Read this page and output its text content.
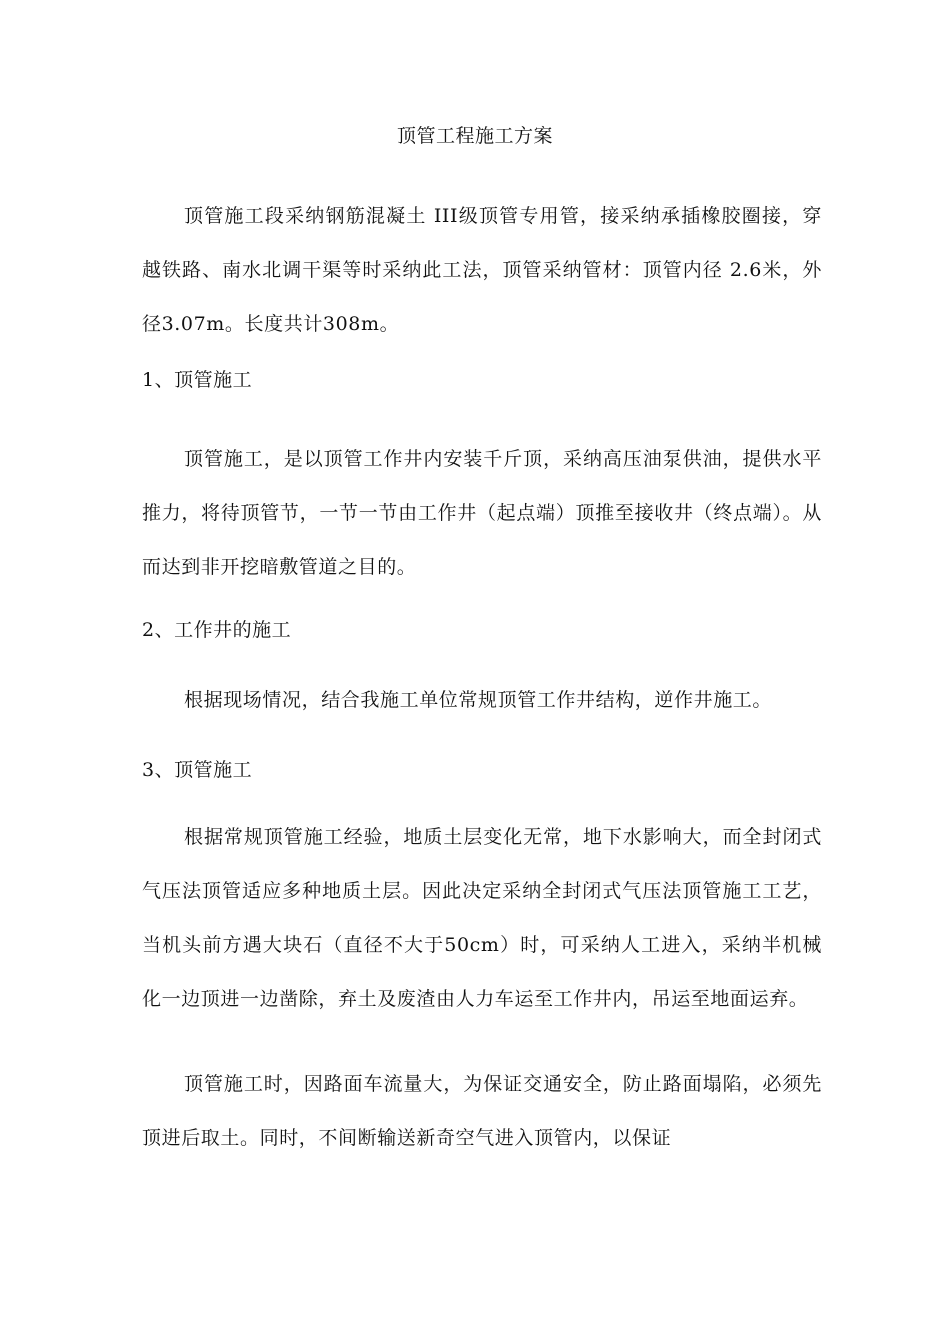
顶管工程施工方案

顶管施工段采纳钢筋混凝土 III级顶管专用管，接采纳承插橡胶圈接，穿越铁路、南水北调干渠等时采纳此工法，顶管采纳管材：顶管内径 2.6米，外径3.07m。长度共计308m。

1、顶管施工

顶管施工，是以顶管工作井内安装千斤顶，采纳高压油泵供油，提供水平推力，将待顶管节，一节一节由工作井（起点端）顶推至接收井（终点端）。从而达到非开挖暗敷管道之目的。

2、工作井的施工

根据现场情况，结合我施工单位常规顶管工作井结构，逆作井施工。

3、顶管施工

根据常规顶管施工经验，地质土层变化无常，地下水影响大，而全封闭式气压法顶管适应多种地质土层。因此决定采纳全封闭式气压法顶管施工工艺，当机头前方遇大块石（直径不大于50cm）时，可采纳人工进入，采纳半机械化一边顶进一边凿除，弃土及废渣由人力车运至工作井内，吊运至地面运弃。

顶管施工时，因路面车流量大，为保证交通安全，防止路面塌陷，必须先顶进后取土。同时，不间断输送新奇空气进入顶管内，以保证
